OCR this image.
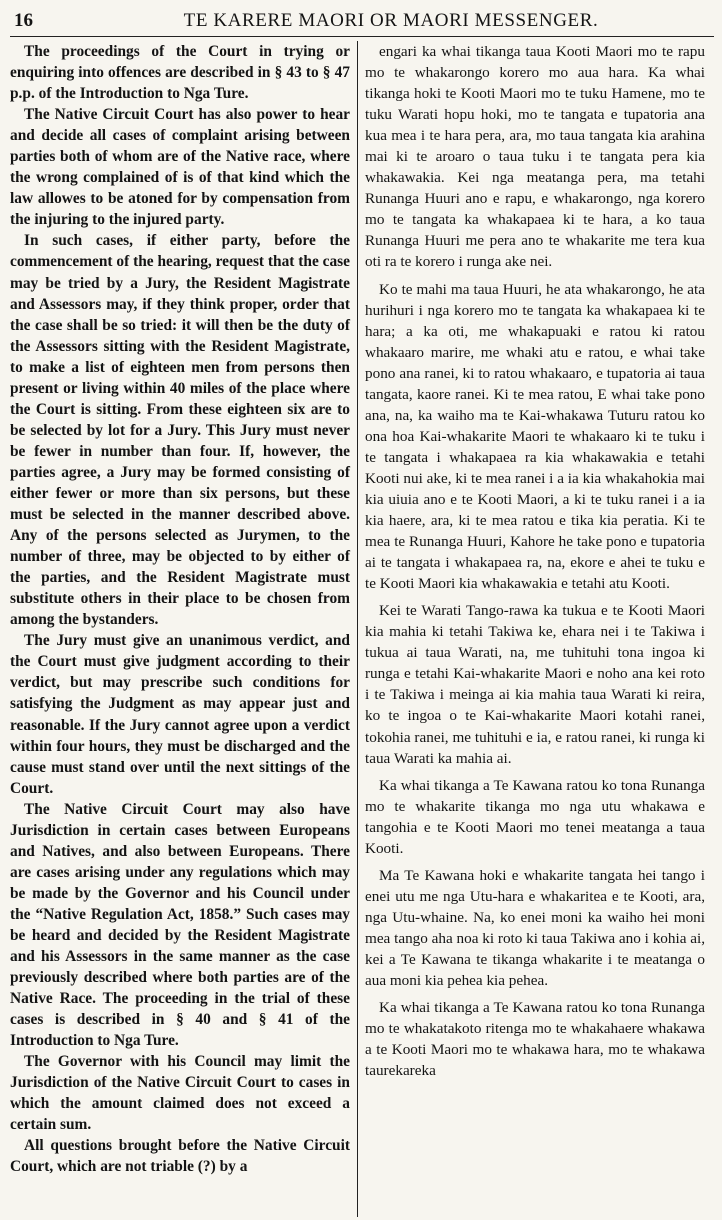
16	TE KARERE MAORI OR MAORI MESSENGER.

The proceedings of the Court in trying or enquiring into offences are described in § 43 to § 47 p.p. of the Introduction to Nga Ture.

The Native Circuit Court has also power to hear and decide all cases of complaint arising between parties both of whom are of the Native race, where the wrong complained of is of that kind which the law allowes to be atoned for by compensation from the injuring to the injured party.

In such cases, if either party, before the commencement of the hearing, request that the case may be tried by a Jury, the Resident Magistrate and Assessors may, if they think proper, order that the case shall be so tried: it will then be the duty of the Assessors sitting with the Resident Magistrate, to make a list of eighteen men from persons then present or living within 40 miles of the place where the Court is sitting. From these eighteen six are to be selected by lot for a Jury. This Jury must never be fewer in number than four. If, however, the parties agree, a Jury may be formed consisting of either fewer or more than six persons, but these must be selected in the manner described above. Any of the persons selected as Jurymen, to the number of three, may be objected to by either of the parties, and the Resident Magistrate must substitute others in their place to be chosen from among the bystanders.

The Jury must give an unanimous verdict, and the Court must give judgment according to their verdict, but may prescribe such conditions for satisfying the Judgment as may appear just and reasonable. If the Jury cannot agree upon a verdict within four hours, they must be discharged and the cause must stand over until the next sittings of the Court.

The Native Circuit Court may also have Jurisdiction in certain cases between Europeans and Natives, and also between Europeans. There are cases arising under any regulations which may be made by the Governor and his Council under the “Native Regulation Act, 1858.” Such cases may be heard and decided by the Resident Magistrate and his Assessors in the same manner as the case previously described where both parties are of the Native Race. The proceeding in the trial of these cases is described in § 40 and § 41 of the Introduction to Nga Ture.

The Governor with his Council may limit the Jurisdiction of the Native Circuit Court to cases in which the amount claimed does not exceed a certain sum.

All questions brought before the Native Circuit Court, which are not triable (?) by a

engari ka whai tikanga taua Kooti Maori mo te rapu mo te whakarongo korero mo aua hara. Ka whai tikanga hoki te Kooti Maori mo te tuku Hamene, mo te tuku Warati hopu hoki, mo te tangata e tupatoria ana kua mea i te hara pera, ara, mo taua tangata kia arahina mai ki te aroaro o taua tuku i te tangata pera kia whakawakia. Kei nga meatanga pera, ma tetahi Runanga Huuri ano e rapu, e whakarongo, nga korero mo te tangata ka whakapaea ki te hara, a ko taua Runanga Huuri me pera ano te whakarite me tera kua oti ra te korero i runga ake nei.

Ko te mahi ma taua Huuri, he ata whakarongo, he ata hurihuri i nga korero mo te tangata ka whakapaea ki te hara; a ka oti, me whakapuaki e ratou ki ratou whakaaro marire, me whaki atu e ratou, e whai take pono ana ranei, ki to ratou whakaaro, e tupatoria ai taua tangata, kaore ranei. Ki te mea ratou, E whai take pono ana, na, ka waiho ma te Kai-whakawa Tuturu ratou ko ona hoa Kai-whakarite Maori te whakaaro ki te tuku i te tangata i whakapaea ra kia whakawakia e tetahi Kooti nui ake, ki te mea ranei i a ia kia whakahokia mai kia uiuia ano e te Kooti Maori, a ki te tuku ranei i a ia kia haere, ara, ki te mea ratou e tika kia peratia. Ki te mea te Runanga Huuri, Kahore he take pono e tupatoria ai te tangata i whakapaea ra, na, ekore e ahei te tuku e te Kooti Maori kia whakawakia e tetahi atu Kooti.

Kei te Warati Tango-rawa ka tukua e te Kooti Maori kia mahia ki tetahi Takiwa ke, ehara nei i te Takiwa i tukua ai taua Warati, na, me tuhituhi tona ingoa ki runga e tetahi Kai-whakarite Maori e noho ana kei roto i te Takiwa i meinga ai kia mahia taua Warati ki reira, ko te ingoa o te Kai-whakarite Maori kotahi ranei, tokohia ranei, me tuhituhi e ia, e ratou ranei, ki runga ki taua Warati ka mahia ai.

Ka whai tikanga a Te Kawana ratou ko tona Runanga mo te whakarite tikanga mo nga utu whakawa e tangohia e te Kooti Maori mo tenei meatanga a taua Kooti.

Ma Te Kawana hoki e whakarite tangata hei tango i enei utu me nga Utu-hara e whakaritea e te Kooti, ara, nga Utu-whaine. Na, ko enei moni ka waiho hei moni mea tango aha noa ki roto ki taua Takiwa ano i kohia ai, kei a Te Kawana te tikanga whakarite i te meatanga o aua moni kia peheа kia pehea.

Ka whai tikanga a Te Kawana ratou ko tona Runanga mo te whakatakoto ritenga mo te whakahaere whakawa a te Kooti Maori mo te whakawa hara, mo te whakawa taurekareka
